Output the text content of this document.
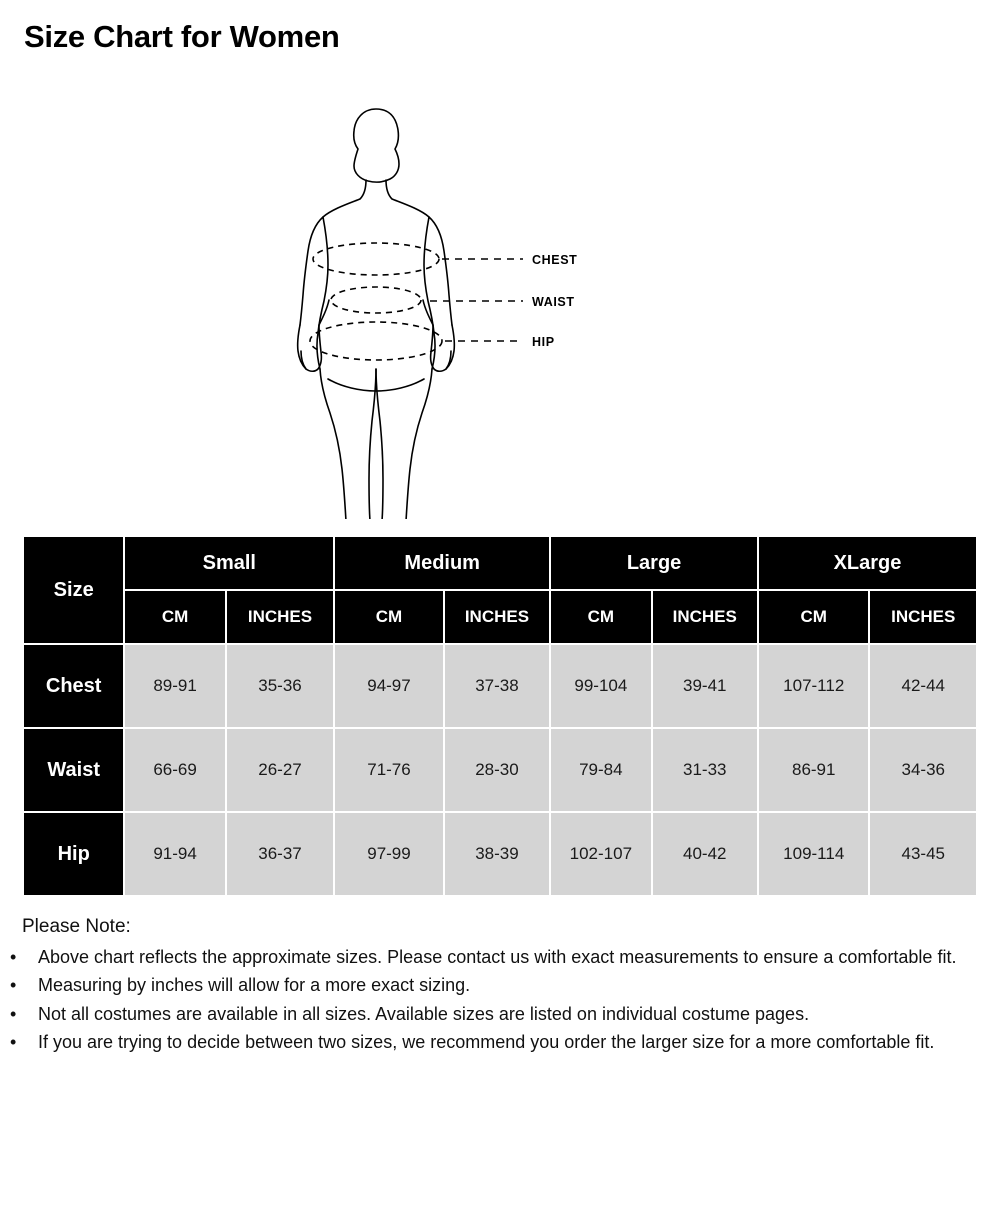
Size Chart for Women
CHEST
WAIST
HIP
Size	Small		Medium		Large		XLarge	
	CM	INCHES	CM	INCHES	CM	INCHES	CM	INCHES
Chest	89-91	35-36	94-97	37-38	99-104	39-41	107-112	42-44
Waist	66-69	26-27	71-76	28-30	79-84	31-33	86-91	34-36
Hip	91-94	36-37	97-99	38-39	102-107	40-42	109-114	43-45
Please Note:
• Above chart reflects the approximate sizes. Please contact us with exact measurements to ensure a comfortable fit.
• Measuring by inches will allow for a more exact sizing.
• Not all costumes are available in all sizes. Available sizes are listed on individual costume pages.
• If you are trying to decide between two sizes, we recommend you order the larger size for a more comfortable fit.
